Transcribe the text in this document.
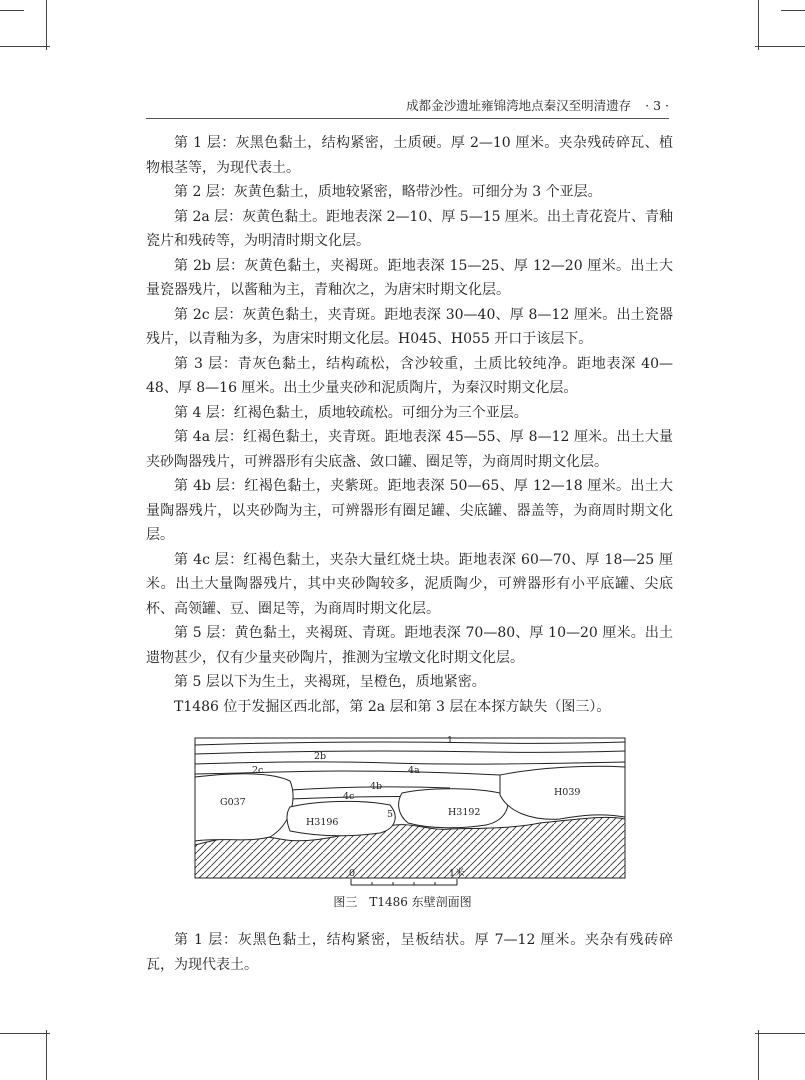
成都金沙遗址雍锦湾地点秦汉至明清遗存 · 3 ·

第 1 层：灰黑色黏土，结构紧密，土质硬。厚 2—10 厘米。夹杂残砖碎瓦、植物根茎等，为现代表土。

第 2 层：灰黄色黏土，质地较紧密，略带沙性。可细分为 3 个亚层。

第 2a 层：灰黄色黏土。距地表深 2—10、厚 5—15 厘米。出土青花瓷片、青釉瓷片和残砖等，为明清时期文化层。

第 2b 层：灰黄色黏土，夹褐斑。距地表深 15—25、厚 12—20 厘米。出土大量瓷器残片，以酱釉为主，青釉次之，为唐宋时期文化层。

第 2c 层：灰黄色黏土，夹青斑。距地表深 30—40、厚 8—12 厘米。出土瓷器残片，以青釉为多，为唐宋时期文化层。H045、H055 开口于该层下。

第 3 层：青灰色黏土，结构疏松，含沙较重，土质比较纯净。距地表深 40—48、厚 8—16 厘米。出土少量夹砂和泥质陶片，为秦汉时期文化层。

第 4 层：红褐色黏土，质地较疏松。可细分为三个亚层。

第 4a 层：红褐色黏土，夹青斑。距地表深 45—55、厚 8—12 厘米。出土大量夹砂陶器残片，可辨器形有尖底盏、敛口罐、圈足等，为商周时期文化层。

第 4b 层：红褐色黏土，夹紫斑。距地表深 50—65、厚 12—18 厘米。出土大量陶器残片，以夹砂陶为主，可辨器形有圈足罐、尖底罐、器盖等，为商周时期文化层。

第 4c 层：红褐色黏土，夹杂大量红烧土块。距地表深 60—70、厚 18—25 厘米。出土大量陶器残片，其中夹砂陶较多，泥质陶少，可辨器形有小平底罐、尖底杯、高领罐、豆、圈足等，为商周时期文化层。

第 5 层：黄色黏土，夹褐斑、青斑。距地表深 70—80、厚 10—20 厘米。出土遗物甚少，仅有少量夹砂陶片，推测为宝墩文化时期文化层。

第 5 层以下为生土，夹褐斑，呈橙色，质地紧密。

T1486 位于发掘区西北部，第 2a 层和第 3 层在本探方缺失（图三）。

1
2b
2c	4a
4b
4c
5
G037
H3196
H3192
H039
0	1米
图三　T1486 东壁剖面图

第 1 层：灰黑色黏土，结构紧密，呈板结状。厚 7—12 厘米。夹杂有残砖碎瓦，为现代表土。
